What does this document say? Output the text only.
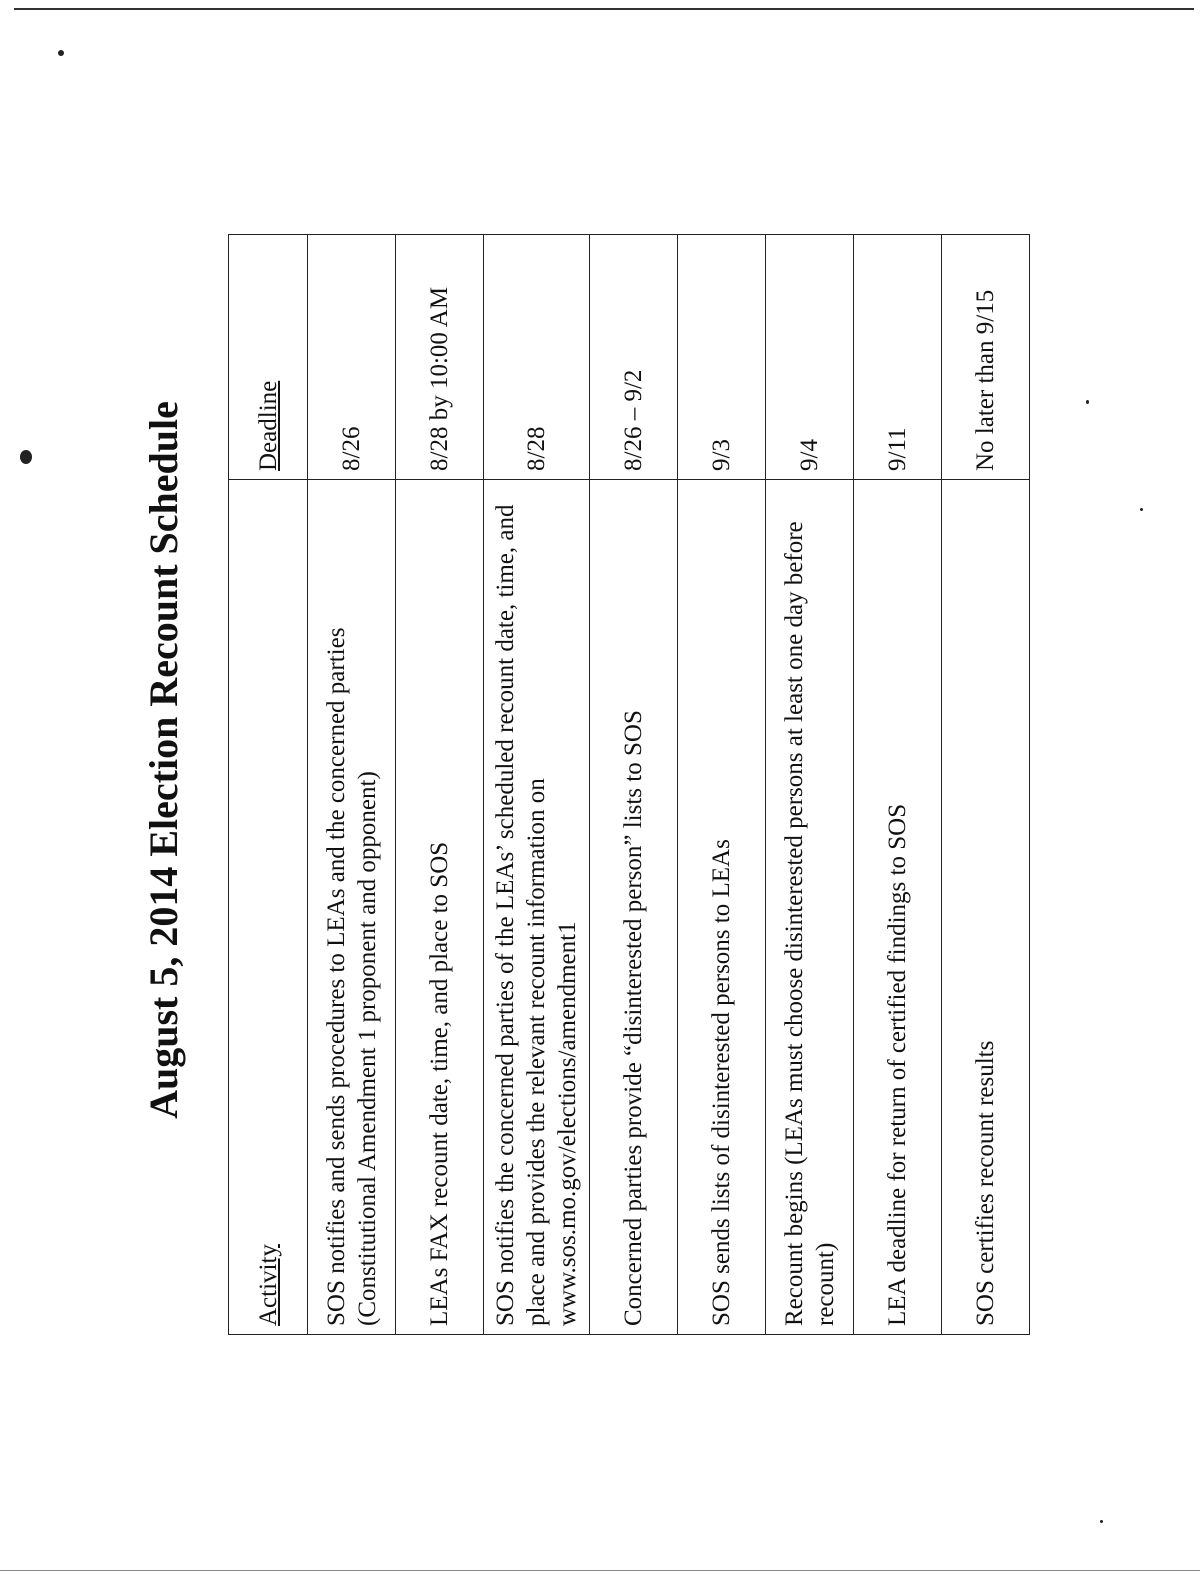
August 5, 2014 Election Recount Schedule
Activity	Deadline
SOS notifies and sends procedures to LEAs and the concerned parties (Constitutional Amendment 1 proponent and opponent)	8/26
LEAs FAX recount date, time, and place to SOS	8/28 by 10:00 AM
SOS notifies the concerned parties of the LEAs’ scheduled recount date, time, and place and provides the relevant recount information on www.sos.mo.gov/elections/amendment1	8/28
Concerned parties provide “disinterested person” lists to SOS	8/26 – 9/2
SOS sends lists of disinterested persons to LEAs	9/3
Recount begins (LEAs must choose disinterested persons at least one day before recount)	9/4
LEA deadline for return of certified findings to SOS	9/11
SOS certifies recount results	No later than 9/15
